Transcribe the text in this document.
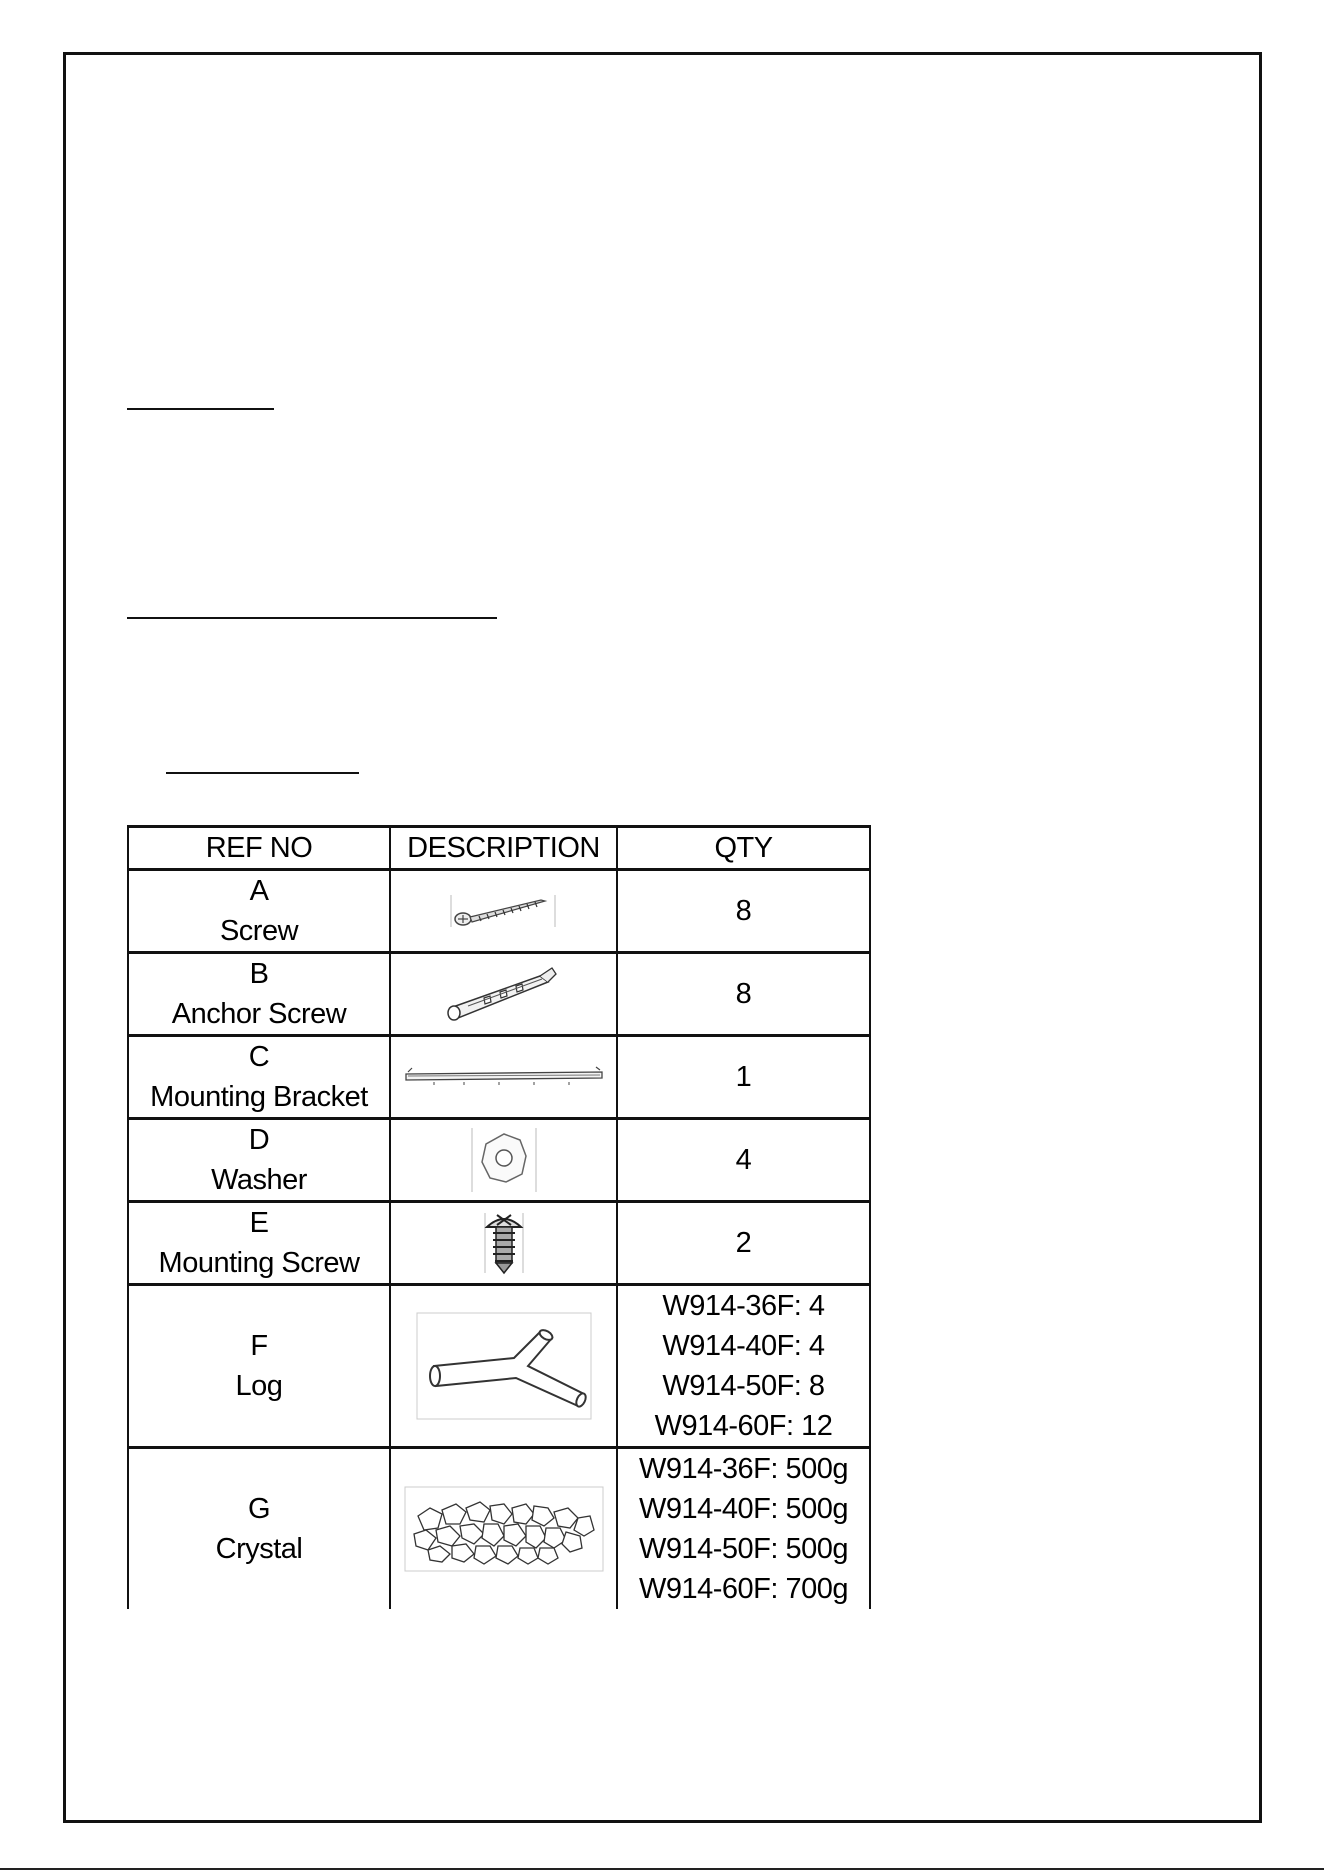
REF NO	DESCRIPTION	QTY

A
Screw		8

B
Anchor Screw		8

C
Mounting Bracket		1

D
Washer		4

E
Mounting Screw		2

F
Log		W914-36F: 4
W914-40F: 4
W914-50F: 8
W914-60F: 12

G
Crystal		W914-36F: 500g
W914-40F: 500g
W914-50F: 500g
W914-60F: 700g
